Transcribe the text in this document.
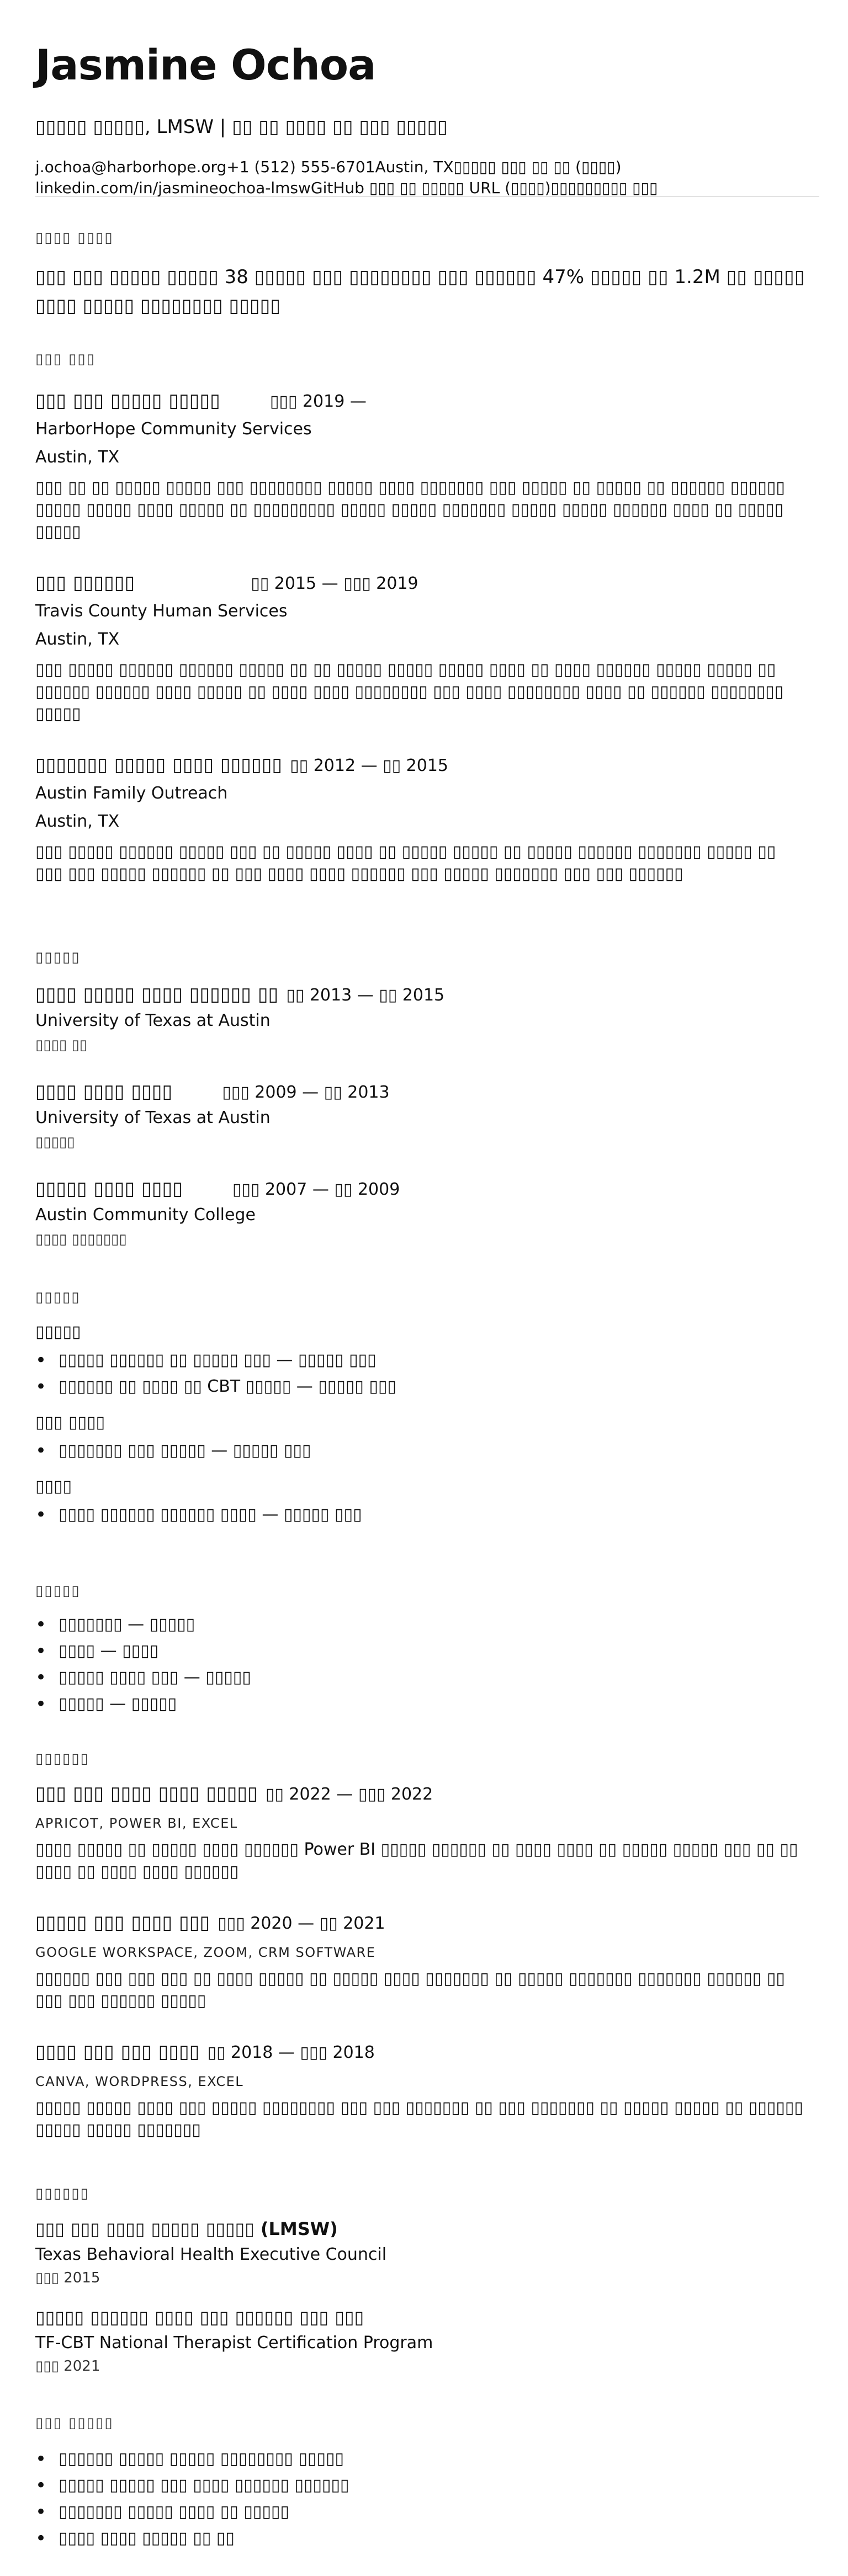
Jasmine Ochoa
▯▯▯▯▯ ▯▯▯▯▯, LMSW | ▯▯ ▯▯ ▯▯▯▯ ▯▯ ▯▯▯ ▯▯▯▯▯
j.ochoa@harborhope.org+1 (512) 555-6701Austin, TX▯▯▯▯▯ ▯▯▯ ▯▯ ▯▯ (▯▯▯▯)
linkedin.com/in/jasmineochoa-lmswGitHub ▯▯▯ ▯▯ ▯▯▯▯▯ URL (▯▯▯▯)▯▯▯▯▯▯▯▯▯ ▯▯▯
▯▯▯▯ ▯▯▯▯
▯▯▯ ▯▯▯ ▯▯▯▯▯ ▯▯▯▯▯ 38 ▯▯▯▯▯ ▯▯▯ ▯▯▯▯▯▯▯▯ ▯▯▯ ▯▯▯▯▯▯ 47% ▯▯▯▯▯ ▯▯ 1.2M ▯▯ ▯▯▯▯▯ ▯▯▯▯ ▯▯▯▯▯ ▯▯▯▯▯▯▯▯ ▯▯▯▯▯
▯▯▯ ▯▯▯
▯▯▯ ▯▯▯ ▯▯▯▯▯ ▯▯▯▯▯	▯▯▯ 2019 —
HarborHope Community Services
Austin, TX
▯▯▯ ▯▯ ▯▯ ▯▯▯▯▯ ▯▯▯▯▯ ▯▯▯ ▯▯▯▯▯▯▯▯ ▯▯▯▯▯ ▯▯▯▯ ▯▯▯▯▯▯▯ ▯▯▯ ▯▯▯▯▯ ▯▯ ▯▯▯▯▯ ▯▯ ▯▯▯▯▯▯ ▯▯▯▯▯▯ ▯▯▯▯▯ ▯▯▯▯▯ ▯▯▯▯ ▯▯▯▯▯ ▯▯ ▯▯▯▯▯▯▯▯▯ ▯▯▯▯▯ ▯▯▯▯▯ ▯▯▯▯▯▯▯ ▯▯▯▯▯ ▯▯▯▯▯ ▯▯▯▯▯▯ ▯▯▯▯ ▯▯ ▯▯▯▯▯ ▯▯▯▯▯
▯▯▯ ▯▯▯▯▯▯	▯▯ 2015 — ▯▯▯ 2019
Travis County Human Services
Austin, TX
▯▯▯ ▯▯▯▯▯ ▯▯▯▯▯▯ ▯▯▯▯▯▯ ▯▯▯▯▯ ▯▯ ▯▯ ▯▯▯▯▯ ▯▯▯▯▯ ▯▯▯▯▯ ▯▯▯▯ ▯▯ ▯▯▯▯ ▯▯▯▯▯▯ ▯▯▯▯▯ ▯▯▯▯▯ ▯▯ ▯▯▯▯▯▯ ▯▯▯▯▯▯ ▯▯▯▯ ▯▯▯▯▯ ▯▯ ▯▯▯▯ ▯▯▯▯ ▯▯▯▯▯▯▯▯ ▯▯▯ ▯▯▯▯ ▯▯▯▯▯▯▯▯ ▯▯▯▯ ▯▯ ▯▯▯▯▯▯ ▯▯▯▯▯▯▯▯ ▯▯▯▯▯
▯▯▯▯▯▯▯ ▯▯▯▯▯ ▯▯▯▯ ▯▯▯▯▯▯ ▯▯ 2012 — ▯▯ 2015
Austin Family Outreach
Austin, TX
▯▯▯ ▯▯▯▯▯ ▯▯▯▯▯▯ ▯▯▯▯▯ ▯▯▯ ▯▯ ▯▯▯▯▯ ▯▯▯▯ ▯▯ ▯▯▯▯▯ ▯▯▯▯▯ ▯▯ ▯▯▯▯▯ ▯▯▯▯▯▯ ▯▯▯▯▯▯▯ ▯▯▯▯▯ ▯▯ ▯▯▯ ▯▯▯ ▯▯▯▯▯ ▯▯▯▯▯▯ ▯▯ ▯▯▯ ▯▯▯▯ ▯▯▯▯ ▯▯▯▯▯▯ ▯▯▯ ▯▯▯▯▯ ▯▯▯▯▯▯▯ ▯▯▯ ▯▯▯ ▯▯▯▯▯▯
▯▯▯▯▯
▯▯▯▯ ▯▯▯▯▯ ▯▯▯▯ ▯▯▯▯▯▯ ▯▯ ▯▯ 2013 — ▯▯ 2015
University of Texas at Austin
▯▯▯▯ ▯▯
▯▯▯▯ ▯▯▯▯ ▯▯▯▯	▯▯▯ 2009 — ▯▯ 2013
University of Texas at Austin
▯▯▯▯▯
▯▯▯▯▯ ▯▯▯▯ ▯▯▯▯	▯▯▯ 2007 — ▯▯ 2009
Austin Community College
▯▯▯▯ ▯▯▯▯▯▯▯
▯▯▯▯▯
▯▯▯▯▯
• ▯▯▯▯▯ ▯▯▯▯▯▯ ▯▯ ▯▯▯▯▯ ▯▯▯ — ▯▯▯▯▯ ▯▯▯
• ▯▯▯▯▯▯ ▯▯ ▯▯▯▯ ▯▯ CBT ▯▯▯▯▯ — ▯▯▯▯▯ ▯▯▯
▯▯▯ ▯▯▯▯
• ▯▯▯▯▯▯▯ ▯▯▯ ▯▯▯▯▯ — ▯▯▯▯▯ ▯▯▯
▯▯▯▯
• ▯▯▯▯ ▯▯▯▯▯▯ ▯▯▯▯▯▯ ▯▯▯▯ — ▯▯▯▯▯ ▯▯▯
▯▯▯▯▯
• ▯▯▯▯▯▯▯ — ▯▯▯▯▯
• ▯▯▯▯ — ▯▯▯▯
• ▯▯▯▯▯ ▯▯▯▯ ▯▯▯ — ▯▯▯▯▯
• ▯▯▯▯▯ — ▯▯▯▯▯
▯▯▯▯▯▯
▯▯▯ ▯▯▯ ▯▯▯▯ ▯▯▯▯ ▯▯▯▯▯ ▯▯ 2022 — ▯▯▯ 2022
APRICOT, POWER BI, EXCEL
▯▯▯▯ ▯▯▯▯▯ ▯▯ ▯▯▯▯▯ ▯▯▯▯ ▯▯▯▯▯▯ Power BI ▯▯▯▯▯ ▯▯▯▯▯▯ ▯▯ ▯▯▯▯ ▯▯▯▯ ▯▯ ▯▯▯▯▯ ▯▯▯▯▯ ▯▯▯ ▯▯ ▯▯ ▯▯▯▯ ▯▯ ▯▯▯▯ ▯▯▯▯ ▯▯▯▯▯▯
▯▯▯▯▯ ▯▯▯ ▯▯▯▯ ▯▯▯ ▯▯▯ 2020 — ▯▯ 2021
GOOGLE WORKSPACE, ZOOM, CRM SOFTWARE
▯▯▯▯▯▯ ▯▯▯ ▯▯▯ ▯▯▯ ▯▯ ▯▯▯▯ ▯▯▯▯▯ ▯▯ ▯▯▯▯▯ ▯▯▯▯ ▯▯▯▯▯▯▯ ▯▯ ▯▯▯▯▯ ▯▯▯▯▯▯▯ ▯▯▯▯▯▯▯ ▯▯▯▯▯▯ ▯▯ ▯▯▯ ▯▯▯ ▯▯▯▯▯▯ ▯▯▯▯▯
▯▯▯▯ ▯▯▯ ▯▯▯ ▯▯▯▯ ▯▯ 2018 — ▯▯▯ 2018
CANVA, WORDPRESS, EXCEL
▯▯▯▯▯ ▯▯▯▯▯ ▯▯▯▯ ▯▯▯ ▯▯▯▯▯ ▯▯▯▯▯▯▯▯ ▯▯▯ ▯▯▯ ▯▯▯▯▯▯▯ ▯▯ ▯▯▯ ▯▯▯▯▯▯▯ ▯▯ ▯▯▯▯▯ ▯▯▯▯▯ ▯▯ ▯▯▯▯▯▯ ▯▯▯▯▯ ▯▯▯▯▯ ▯▯▯▯▯▯▯
▯▯▯▯▯▯
▯▯▯ ▯▯▯ ▯▯▯▯ ▯▯▯▯▯ ▯▯▯▯▯ (LMSW)
Texas Behavioral Health Executive Council
▯▯▯ 2015
▯▯▯▯▯ ▯▯▯▯▯▯ ▯▯▯▯ ▯▯▯ ▯▯▯▯▯▯ ▯▯▯ ▯▯▯
TF-CBT National Therapist Certification Program
▯▯▯ 2021
▯▯▯ ▯▯▯▯▯
• ▯▯▯▯▯▯ ▯▯▯▯▯ ▯▯▯▯▯ ▯▯▯▯▯▯▯▯ ▯▯▯▯▯
• ▯▯▯▯▯ ▯▯▯▯▯ ▯▯▯ ▯▯▯▯ ▯▯▯▯▯▯ ▯▯▯▯▯▯
• ▯▯▯▯▯▯▯ ▯▯▯▯▯ ▯▯▯▯ ▯▯ ▯▯▯▯▯
• ▯▯▯▯ ▯▯▯▯ ▯▯▯▯▯ ▯▯ ▯▯
